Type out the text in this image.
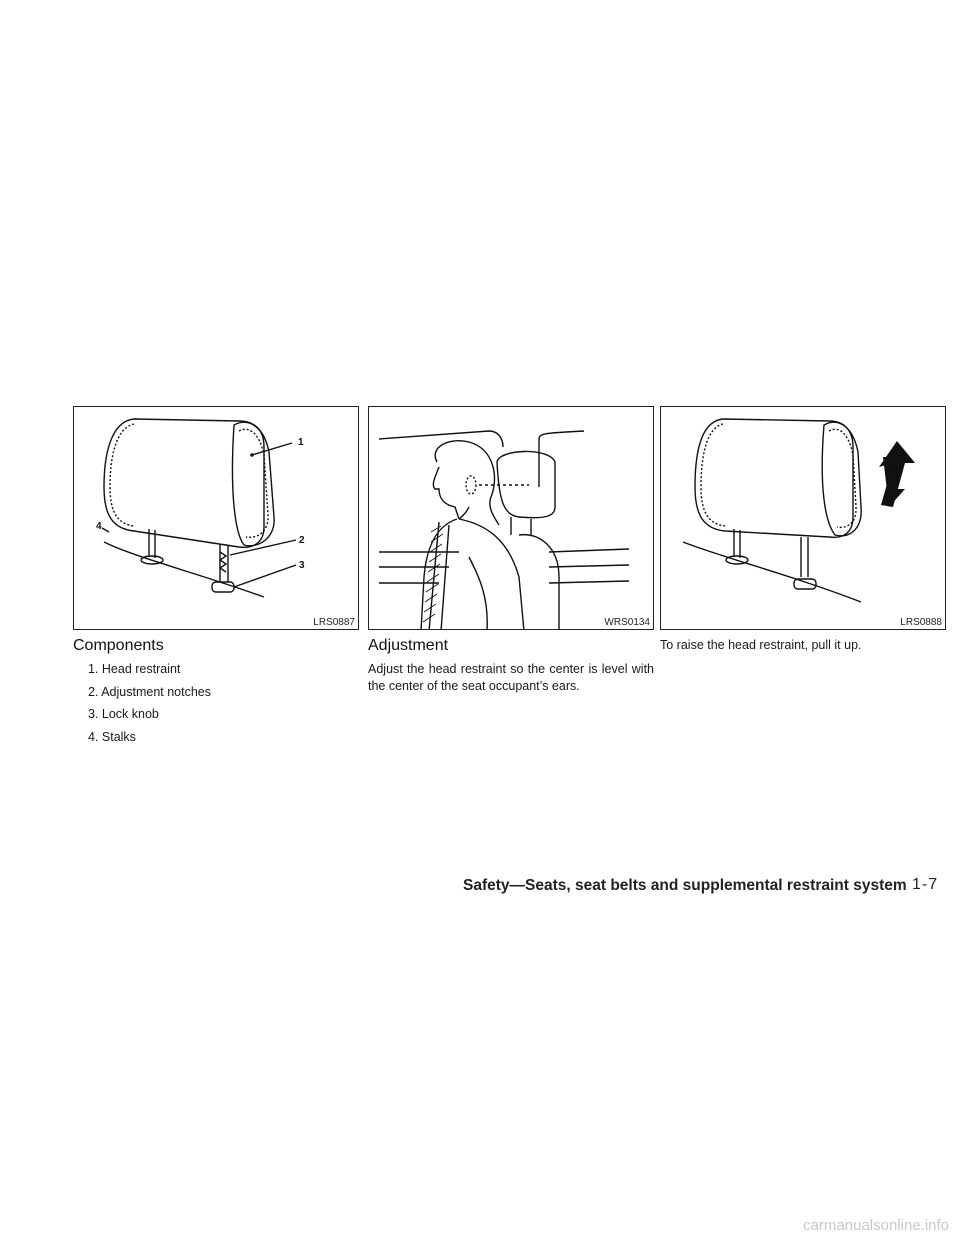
1
2
3
4
LRS0887	WRS0134	LRS0888
Components
1. Head restraint
2. Adjustment notches
3. Lock knob
4. Stalks
Adjustment

Adjust the head restraint so the center is level with the center of the seat occupant’s ears.

To raise the head restraint, pull it up.

Safety—Seats, seat belts and supplemental restraint system 1-7
carmanualsonline.info
